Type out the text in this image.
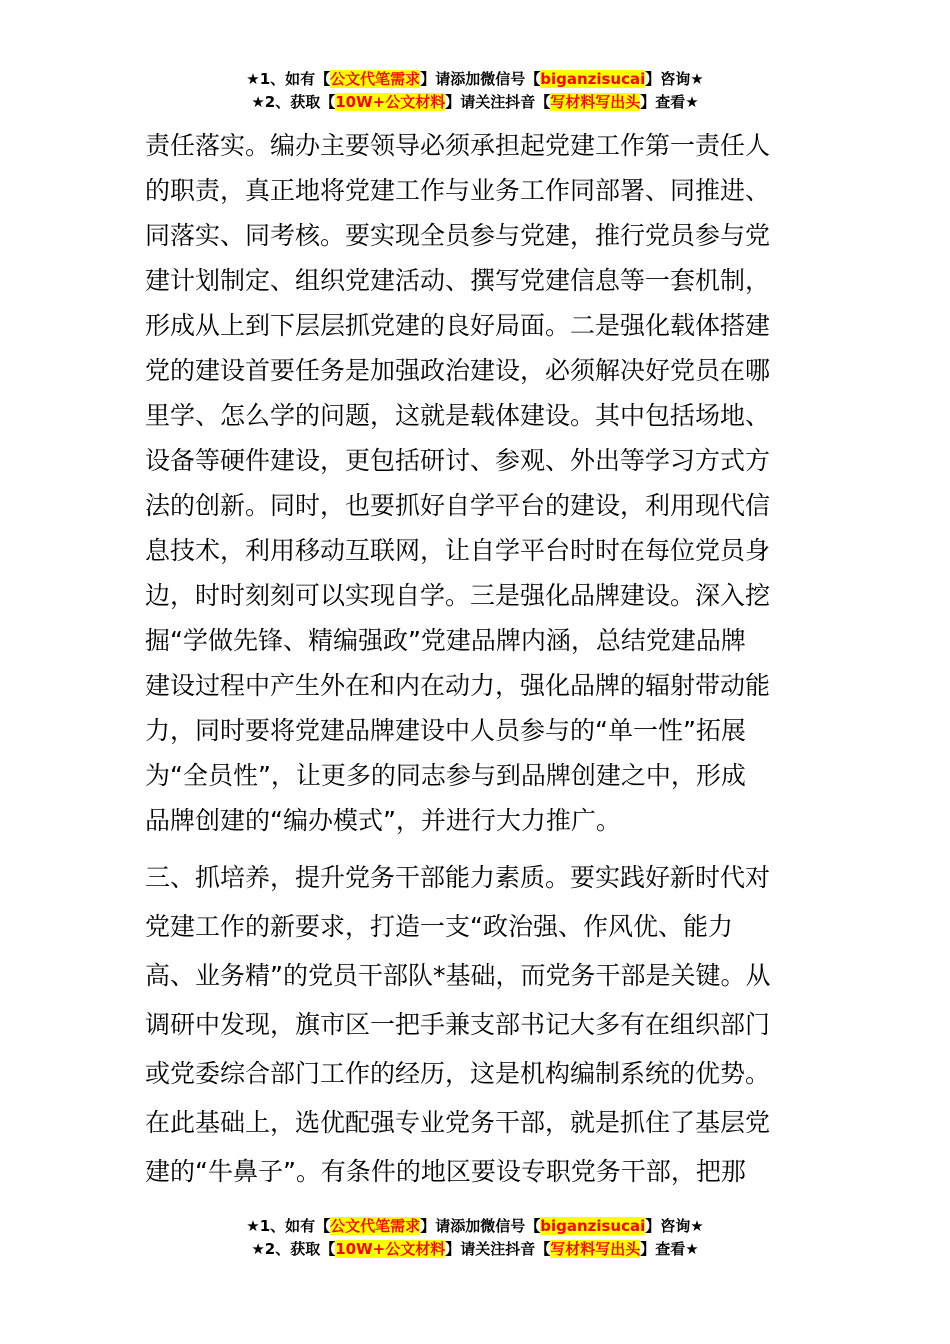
★1、如有【公文代笔需求】请添加微信号【biganzisucai】咨询★
★2、获取【10W+公文材料】请关注抖音【写材料写出头】查看★

责任落实。编办主要领导必须承担起党建工作第一责任人
的职责，真正地将党建工作与业务工作同部署、同推进、
同落实、同考核。要实现全员参与党建，推行党员参与党
建计划制定、组织党建活动、撰写党建信息等一套机制，
形成从上到下层层抓党建的良好局面。二是强化载体搭建
党的建设首要任务是加强政治建设，必须解决好党员在哪
里学、怎么学的问题，这就是载体建设。其中包括场地、
设备等硬件建设，更包括研讨、参观、外出等学习方式方
法的创新。同时，也要抓好自学平台的建设，利用现代信
息技术，利用移动互联网，让自学平台时时在每位党员身
边，时时刻刻可以实现自学。三是强化品牌建设。深入挖
掘“学做先锋、精编强政”党建品牌内涵，总结党建品牌
建设过程中产生外在和内在动力，强化品牌的辐射带动能
力，同时要将党建品牌建设中人员参与的“单一性”拓展
为“全员性”，让更多的同志参与到品牌创建之中，形成
品牌创建的“编办模式”，并进行大力推广。

三、抓培养，提升党务干部能力素质。要实践好新时代对
党建工作的新要求，打造一支“政治强、作风优、能力
高、业务精”的党员干部队*基础，而党务干部是关键。从
调研中发现，旗市区一把手兼支部书记大多有在组织部门
或党委综合部门工作的经历，这是机构编制系统的优势。
在此基础上，选优配强专业党务干部，就是抓住了基层党
建的“牛鼻子”。有条件的地区要设专职党务干部，把那

★1、如有【公文代笔需求】请添加微信号【biganzisucai】咨询★
★2、获取【10W+公文材料】请关注抖音【写材料写出头】查看★
